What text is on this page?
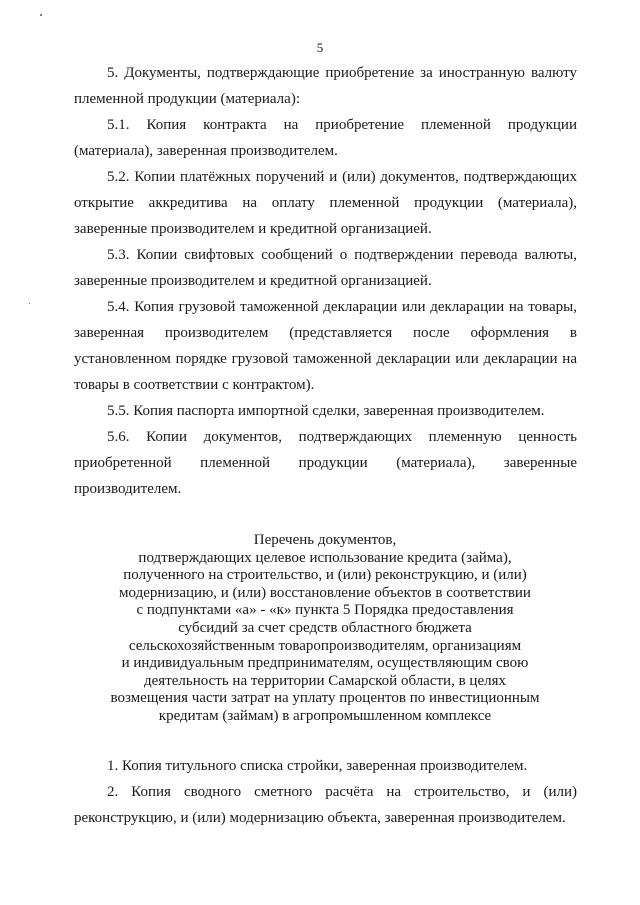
5

5. Документы, подтверждающие приобретение за иностранную валюту племенной продукции (материала):

5.1. Копия контракта на приобретение племенной продукции (материала), заверенная производителем.

5.2. Копии платёжных поручений и (или) документов, подтверждающих открытие аккредитива на оплату племенной продукции (материала), заверенные производителем и кредитной организацией.

5.3. Копии свифтовых сообщений о подтверждении перевода валюты, заверенные производителем и кредитной организацией.

5.4. Копия грузовой таможенной декларации или декларации на товары, заверенная производителем (представляется после оформления в установленном порядке грузовой таможенной декларации или декларации на товары в соответствии с контрактом).

5.5. Копия паспорта импортной сделки, заверенная производителем.

5.6. Копии документов, подтверждающих племенную ценность приобретенной племенной продукции (материала), заверенные производителем.

Перечень документов,
подтверждающих целевое использование кредита (займа),
полученного на строительство, и (или) реконструкцию, и (или)
модернизацию, и (или) восстановление объектов в соответствии
с подпунктами «а» - «к» пункта 5 Порядка предоставления
субсидий за счет средств областного бюджета
сельскохозяйственным товаропроизводителям, организациям
и индивидуальным предпринимателям, осуществляющим свою
деятельность на территории Самарской области, в целях
возмещения части затрат на уплату процентов по инвестиционным
кредитам (займам) в агропромышленном комплексе

1. Копия титульного списка стройки, заверенная производителем.

2. Копия сводного сметного расчёта на строительство, и (или) реконструкцию, и (или) модернизацию объекта, заверенная производителем.
